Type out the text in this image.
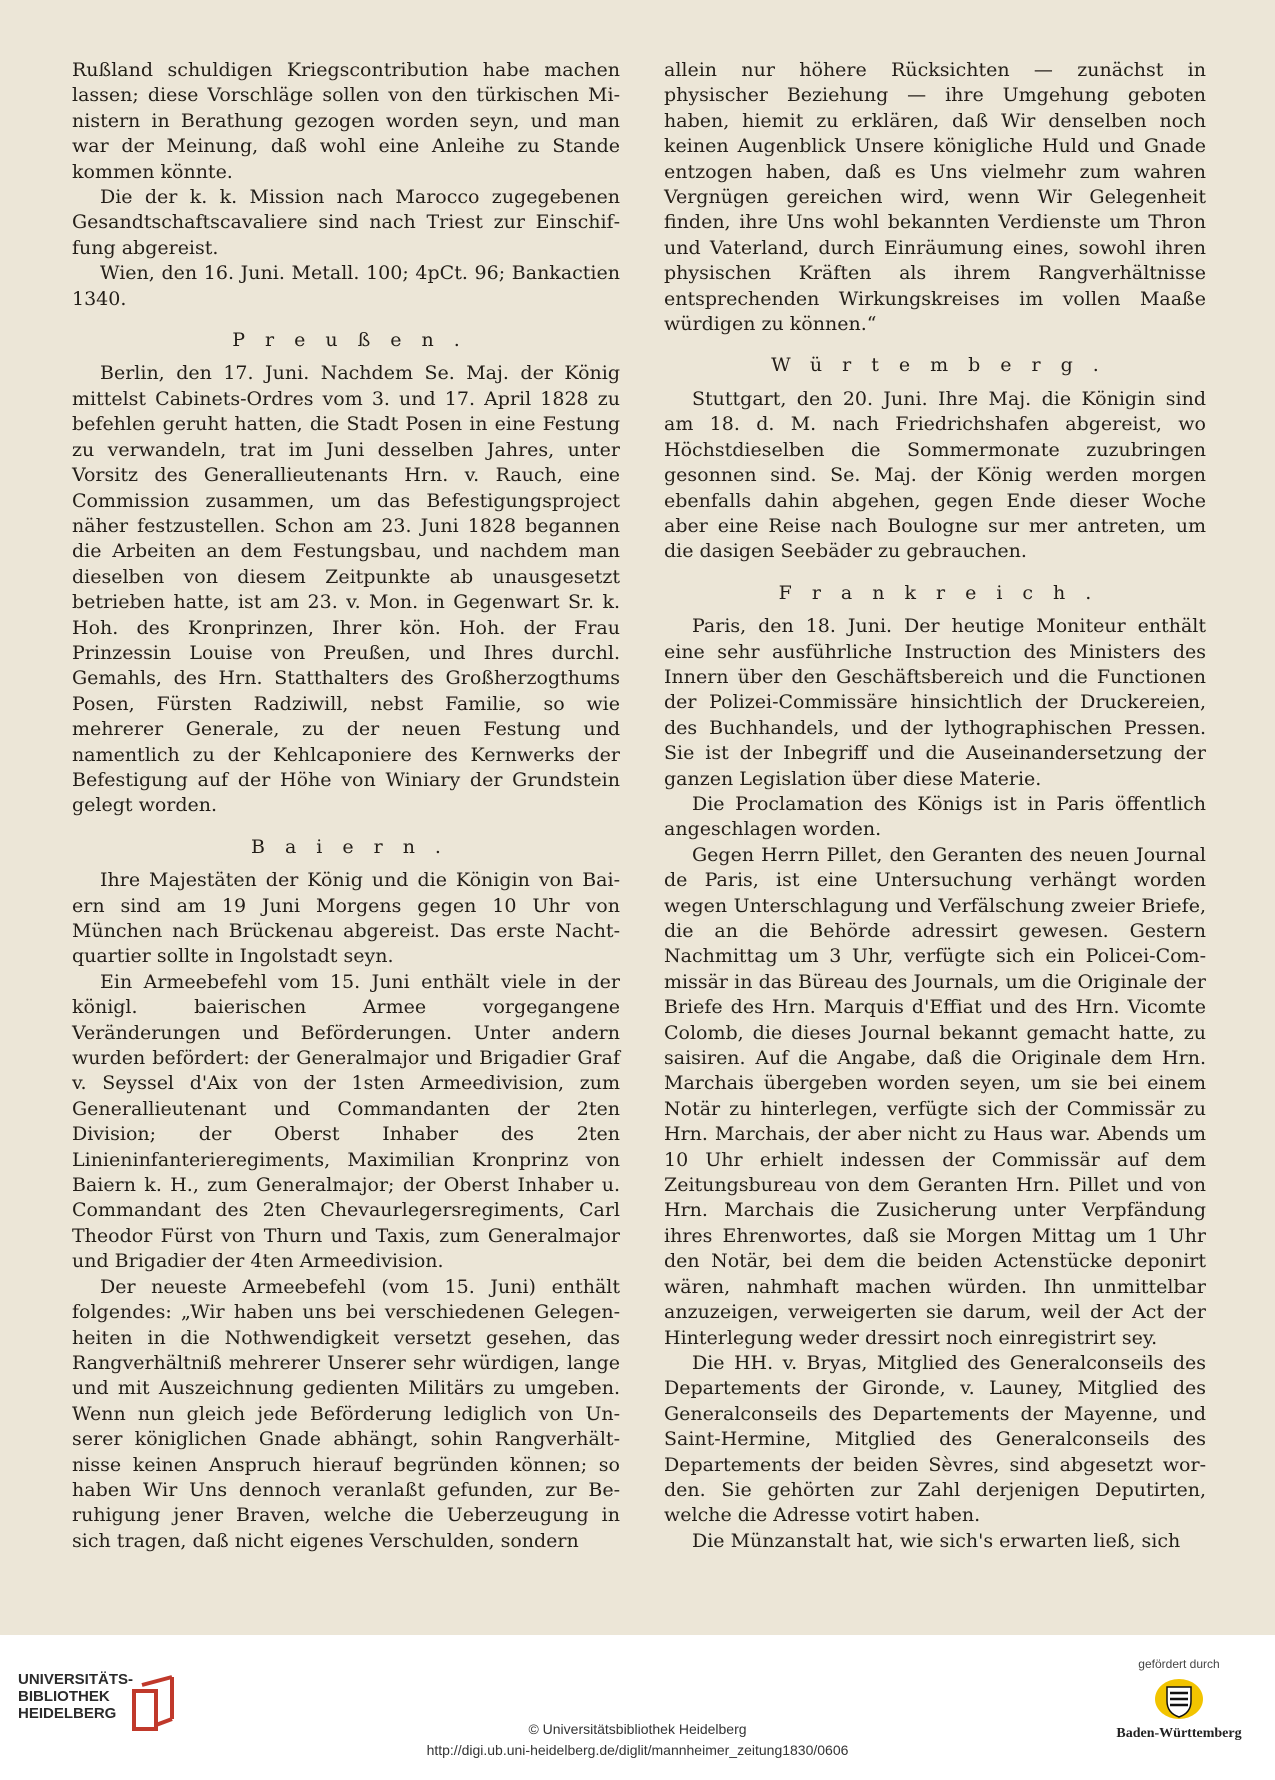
Rußland schuldigen Kriegscontribution habe machen lassen; diese Vorschläge sollen von den türkischen Ministern in Berathung gezogen worden seyn, und man war der Meinung, daß wohl eine Anleihe zu Stande kommen könnte.

Die der k. k. Mission nach Marocco zugegebenen Gesandtschaftscavaliere sind nach Triest zur Einschiffung abgereist.

Wien, den 16. Juni. Metall. 100; 4pCt. 96; Bankactien 1340.

Preußen.

Berlin, den 17. Juni. Nachdem Se. Maj. der König mittelst Cabinets-Ordres vom 3. und 17. April 1828 zu befehlen geruht hatten, die Stadt Posen in eine Festung zu verwandeln, trat im Juni desselben Jahres, unter Vorsitz des Generallieutenants Hrn. v. Rauch, eine Commission zusammen, um das Befestigungsproject näher festzustellen. Schon am 23. Juni 1828 begannen die Arbeiten an dem Festungsbau, und nachdem man dieselben von diesem Zeitpunkte ab unausgesetzt betrieben hatte, ist am 23. v. Mon. in Gegenwart Sr. k. Hoh. des Kronprinzen, Ihrer kön. Hoh. der Frau Prinzessin Louise von Preußen, und Ihres durchl. Gemahls, des Hrn. Statthalters des Großherzogthums Posen, Fürsten Radziwill, nebst Familie, so wie mehrerer Generale, zu der neuen Festung und namentlich zu der Kehlcaponiere des Kernwerks der Befestigung auf der Höhe von Winiary der Grundstein gelegt worden.

Baiern.

Ihre Majestäten der König und die Königin von Baiern sind am 19 Juni Morgens gegen 10 Uhr von München nach Brückenau abgereist. Das erste Nachtquartier sollte in Ingolstadt seyn.

Ein Armeebefehl vom 15. Juni enthält viele in der königl. baierischen Armee vorgegangene Veränderungen und Beförderungen. Unter andern wurden befördert: der Generalmajor und Brigadier Graf v. Seyssel d'Aix von der 1sten Armeedivision, zum Generallieutenant und Commandanten der 2ten Division; der Oberst Inhaber des 2ten Linieninfanterieregiments, Maximilian Kronprinz von Baiern k. H., zum Generalmajor; der Oberst Inhaber u. Commandant des 2ten Chevaurlegersregiments, Carl Theodor Fürst von Thurn und Taxis, zum Generalmajor und Brigadier der 4ten Armeedivision.

Der neueste Armeebefehl (vom 15. Juni) enthält folgendes: „Wir haben uns bei verschiedenen Gelegenheiten in die Nothwendigkeit versetzt gesehen, das Rangverhältniß mehrerer Unserer sehr würdigen, lange und mit Auszeichnung gedienten Militärs zu umgeben. Wenn nun gleich jede Beförderung lediglich von Unserer königlichen Gnade abhängt, sohin Rangverhältnisse keinen Anspruch hierauf begründen können; so haben Wir Uns dennoch veranlaßt gefunden, zur Beruhigung jener Braven, welche die Ueberzeugung in sich tragen, daß nicht eigenes Verschulden, sondern

allein nur höhere Rücksichten — zunächst in physischer Beziehung — ihre Umgehung geboten haben, hiemit zu erklären, daß Wir denselben noch keinen Augenblick Unsere königliche Huld und Gnade entzogen haben, daß es Uns vielmehr zum wahren Vergnügen gereichen wird, wenn Wir Gelegenheit finden, ihre Uns wohl bekannten Verdienste um Thron und Vaterland, durch Einräumung eines, sowohl ihren physischen Kräften als ihrem Rangverhältnisse entsprechenden Wirkungskreises im vollen Maaße würdigen zu können.“

Würtemberg.

Stuttgart, den 20. Juni. Ihre Maj. die Königin sind am 18. d. M. nach Friedrichshafen abgereist, wo Höchstdieselben die Sommermonate zuzubringen gesonnen sind. Se. Maj. der König werden morgen ebenfalls dahin abgehen, gegen Ende dieser Woche aber eine Reise nach Boulogne sur mer antreten, um die dasigen Seebäder zu gebrauchen.

Frankreich.

Paris, den 18. Juni. Der heutige Moniteur enthält eine sehr ausführliche Instruction des Ministers des Innern über den Geschäftsbereich und die Functionen der Polizei-Commissäre hinsichtlich der Druckereien, des Buchhandels, und der lythographischen Pressen. Sie ist der Inbegriff und die Auseinandersetzung der ganzen Legislation über diese Materie.

Die Proclamation des Königs ist in Paris öffentlich angeschlagen worden.

Gegen Herrn Pillet, den Geranten des neuen Journal de Paris, ist eine Untersuchung verhängt worden wegen Unterschlagung und Verfälschung zweier Briefe, die an die Behörde adressirt gewesen. Gestern Nachmittag um 3 Uhr, verfügte sich ein Policei-Commissär in das Büreau des Journals, um die Originale der Briefe des Hrn. Marquis d'Effiat und des Hrn. Vicomte Colomb, die dieses Journal bekannt gemacht hatte, zu saisiren. Auf die Angabe, daß die Originale dem Hrn. Marchais übergeben worden seyen, um sie bei einem Notär zu hinterlegen, verfügte sich der Commissär zu Hrn. Marchais, der aber nicht zu Haus war. Abends um 10 Uhr erhielt indessen der Commissär auf dem Zeitungsbureau von dem Geranten Hrn. Pillet und von Hrn. Marchais die Zusicherung unter Verpfändung ihres Ehrenwortes, daß sie Morgen Mittag um 1 Uhr den Notär, bei dem die beiden Actenstücke deponirt wären, nahmhaft machen würden. Ihn unmittelbar anzuzeigen, verweigerten sie darum, weil der Act der Hinterlegung weder dressirt noch einregistrirt sey.

Die HH. v. Bryas, Mitglied des Generalconseils des Departements der Gironde, v. Launey, Mitglied des Generalconseils des Departements der Mayenne, und Saint-Hermine, Mitglied des Generalconseils des Departements der beiden Sèvres, sind abgesetzt worden. Sie gehörten zur Zahl derjenigen Deputirten, welche die Adresse votirt haben.

Die Münzanstalt hat, wie sich's erwarten ließ, sich

UNIVERSITÄTS-
BIBLIOTHEK
HEIDELBERG
© Universitätsbibliothek Heidelberg
http://digi.ub.uni-heidelberg.de/diglit/mannheimer_zeitung1830/0606
gefördert durch
Baden-Württemberg
